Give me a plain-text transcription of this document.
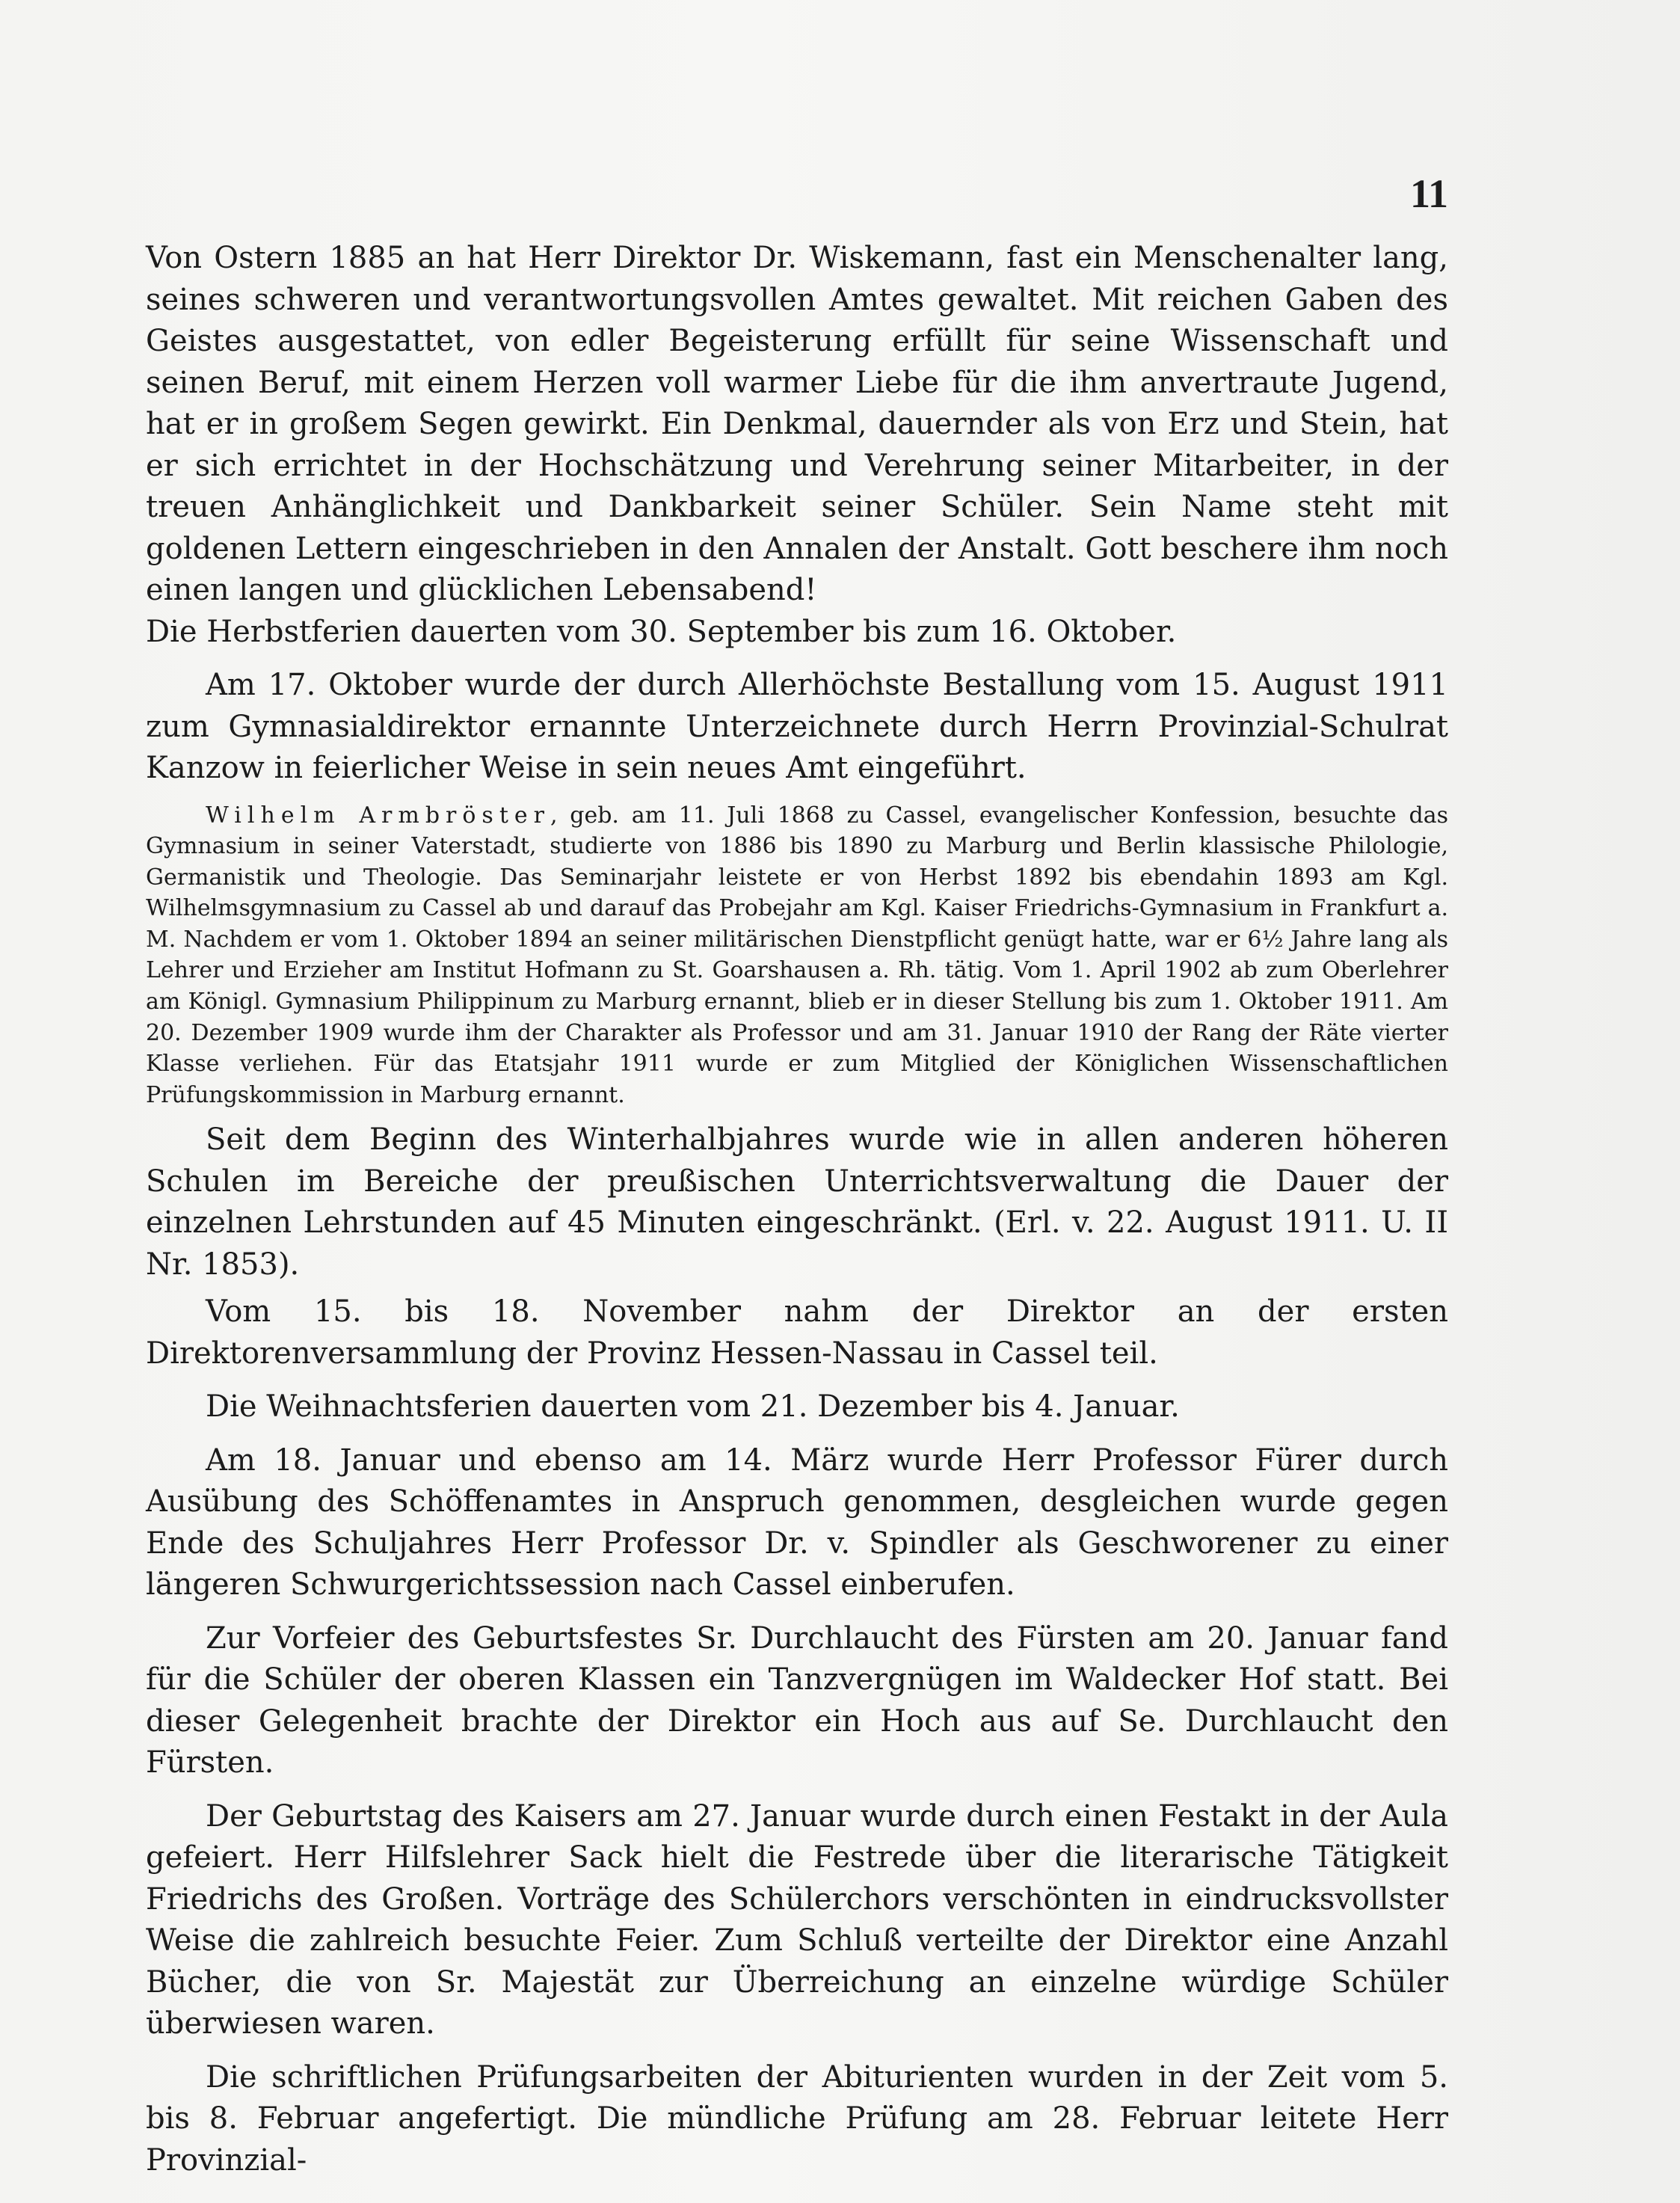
11

Von Ostern 1885 an hat Herr Direktor Dr. Wiskemann, fast ein Menschenalter lang, seines schweren und verantwortungsvollen Amtes gewaltet. Mit reichen Gaben des Geistes ausgestattet, von edler Begeisterung erfüllt für seine Wissenschaft und seinen Beruf, mit einem Herzen voll warmer Liebe für die ihm anvertraute Jugend, hat er in großem Segen gewirkt. Ein Denkmal, dauernder als von Erz und Stein, hat er sich errichtet in der Hochschätzung und Verehrung seiner Mitarbeiter, in der treuen Anhänglichkeit und Dankbarkeit seiner Schüler. Sein Name steht mit goldenen Lettern eingeschrieben in den Annalen der Anstalt. Gott beschere ihm noch einen langen und glücklichen Lebensabend!

Die Herbstferien dauerten vom 30. September bis zum 16. Oktober.

Am 17. Oktober wurde der durch Allerhöchste Bestallung vom 15. August 1911 zum Gymnasialdirektor ernannte Unterzeichnete durch Herrn Provinzial-Schulrat Kanzow in feierlicher Weise in sein neues Amt eingeführt.

Wilhelm Armbröster, geb. am 11. Juli 1868 zu Cassel, evangelischer Konfession, besuchte das Gymnasium in seiner Vaterstadt, studierte von 1886 bis 1890 zu Marburg und Berlin klassische Philologie, Germanistik und Theologie. Das Seminarjahr leistete er von Herbst 1892 bis ebendahin 1893 am Kgl. Wilhelmsgymnasium zu Cassel ab und darauf das Probejahr am Kgl. Kaiser Friedrichs-Gymnasium in Frankfurt a. M. Nachdem er vom 1. Oktober 1894 an seiner militärischen Dienstpflicht genügt hatte, war er 6½ Jahre lang als Lehrer und Erzieher am Institut Hofmann zu St. Goarshausen a. Rh. tätig. Vom 1. April 1902 ab zum Oberlehrer am Königl. Gymnasium Philippinum zu Marburg ernannt, blieb er in dieser Stellung bis zum 1. Oktober 1911. Am 20. Dezember 1909 wurde ihm der Charakter als Professor und am 31. Januar 1910 der Rang der Räte vierter Klasse verliehen. Für das Etatsjahr 1911 wurde er zum Mitglied der Königlichen Wissenschaftlichen Prüfungskommission in Marburg ernannt.

Seit dem Beginn des Winterhalbjahres wurde wie in allen anderen höheren Schulen im Bereiche der preußischen Unterrichtsverwaltung die Dauer der einzelnen Lehrstunden auf 45 Minuten eingeschränkt. (Erl. v. 22. August 1911. U. II Nr. 1853).

Vom 15. bis 18. November nahm der Direktor an der ersten Direktorenversammlung der Provinz Hessen-Nassau in Cassel teil.

Die Weihnachtsferien dauerten vom 21. Dezember bis 4. Januar.

Am 18. Januar und ebenso am 14. März wurde Herr Professor Fürer durch Ausübung des Schöffenamtes in Anspruch genommen, desgleichen wurde gegen Ende des Schuljahres Herr Professor Dr. v. Spindler als Geschworener zu einer längeren Schwurgerichtssession nach Cassel einberufen.

Zur Vorfeier des Geburtsfestes Sr. Durchlaucht des Fürsten am 20. Januar fand für die Schüler der oberen Klassen ein Tanzvergnügen im Waldecker Hof statt. Bei dieser Gelegenheit brachte der Direktor ein Hoch aus auf Se. Durchlaucht den Fürsten.

Der Geburtstag des Kaisers am 27. Januar wurde durch einen Festakt in der Aula gefeiert. Herr Hilfslehrer Sack hielt die Festrede über die literarische Tätigkeit Friedrichs des Großen. Vorträge des Schülerchors verschönten in eindrucksvollster Weise die zahlreich besuchte Feier. Zum Schluß verteilte der Direktor eine Anzahl Bücher, die von Sr. Majestät zur Überreichung an einzelne würdige Schüler überwiesen waren.

Die schriftlichen Prüfungsarbeiten der Abiturienten wurden in der Zeit vom 5. bis 8. Februar angefertigt. Die mündliche Prüfung am 28. Februar leitete Herr Provinzial-
